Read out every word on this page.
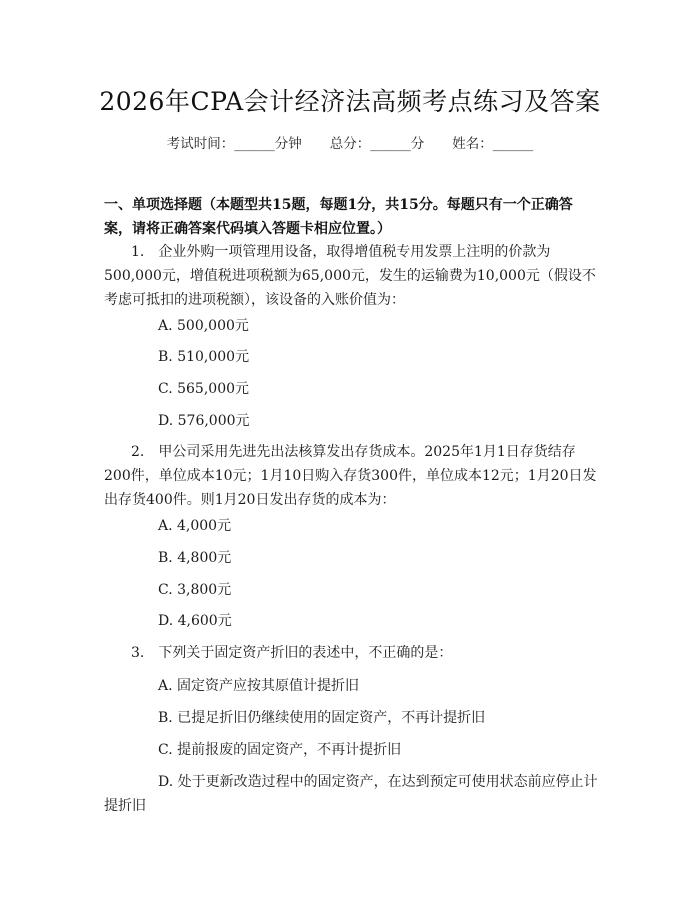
2026年CPA会计经济法高频考点练习及答案
考试时间：______分钟 总分：______分 姓名：______
一、单项选择题（本题型共15题，每题1分，共15分。每题只有一个正确答案，请将正确答案代码填入答题卡相应位置。）
1.　企业外购一项管理用设备，取得增值税专用发票上注明的价款为500,000元，增值税进项税额为65,000元，发生的运输费为10,000元（假设不考虑可抵扣的进项税额），该设备的入账价值为：
A. 500,000元
B. 510,000元
C. 565,000元
D. 576,000元
2.　甲公司采用先进先出法核算发出存货成本。2025年1月1日存货结存200件，单位成本10元；1月10日购入存货300件，单位成本12元；1月20日发出存货400件。则1月20日发出存货的成本为：
A. 4,000元
B. 4,800元
C. 3,800元
D. 4,600元
3.　下列关于固定资产折旧的表述中，不正确的是：
A. 固定资产应按其原值计提折旧
B. 已提足折旧仍继续使用的固定资产，不再计提折旧
C. 提前报废的固定资产，不再计提折旧
D. 处于更新改造过程中的固定资产，在达到预定可使用状态前应停止计提折旧
